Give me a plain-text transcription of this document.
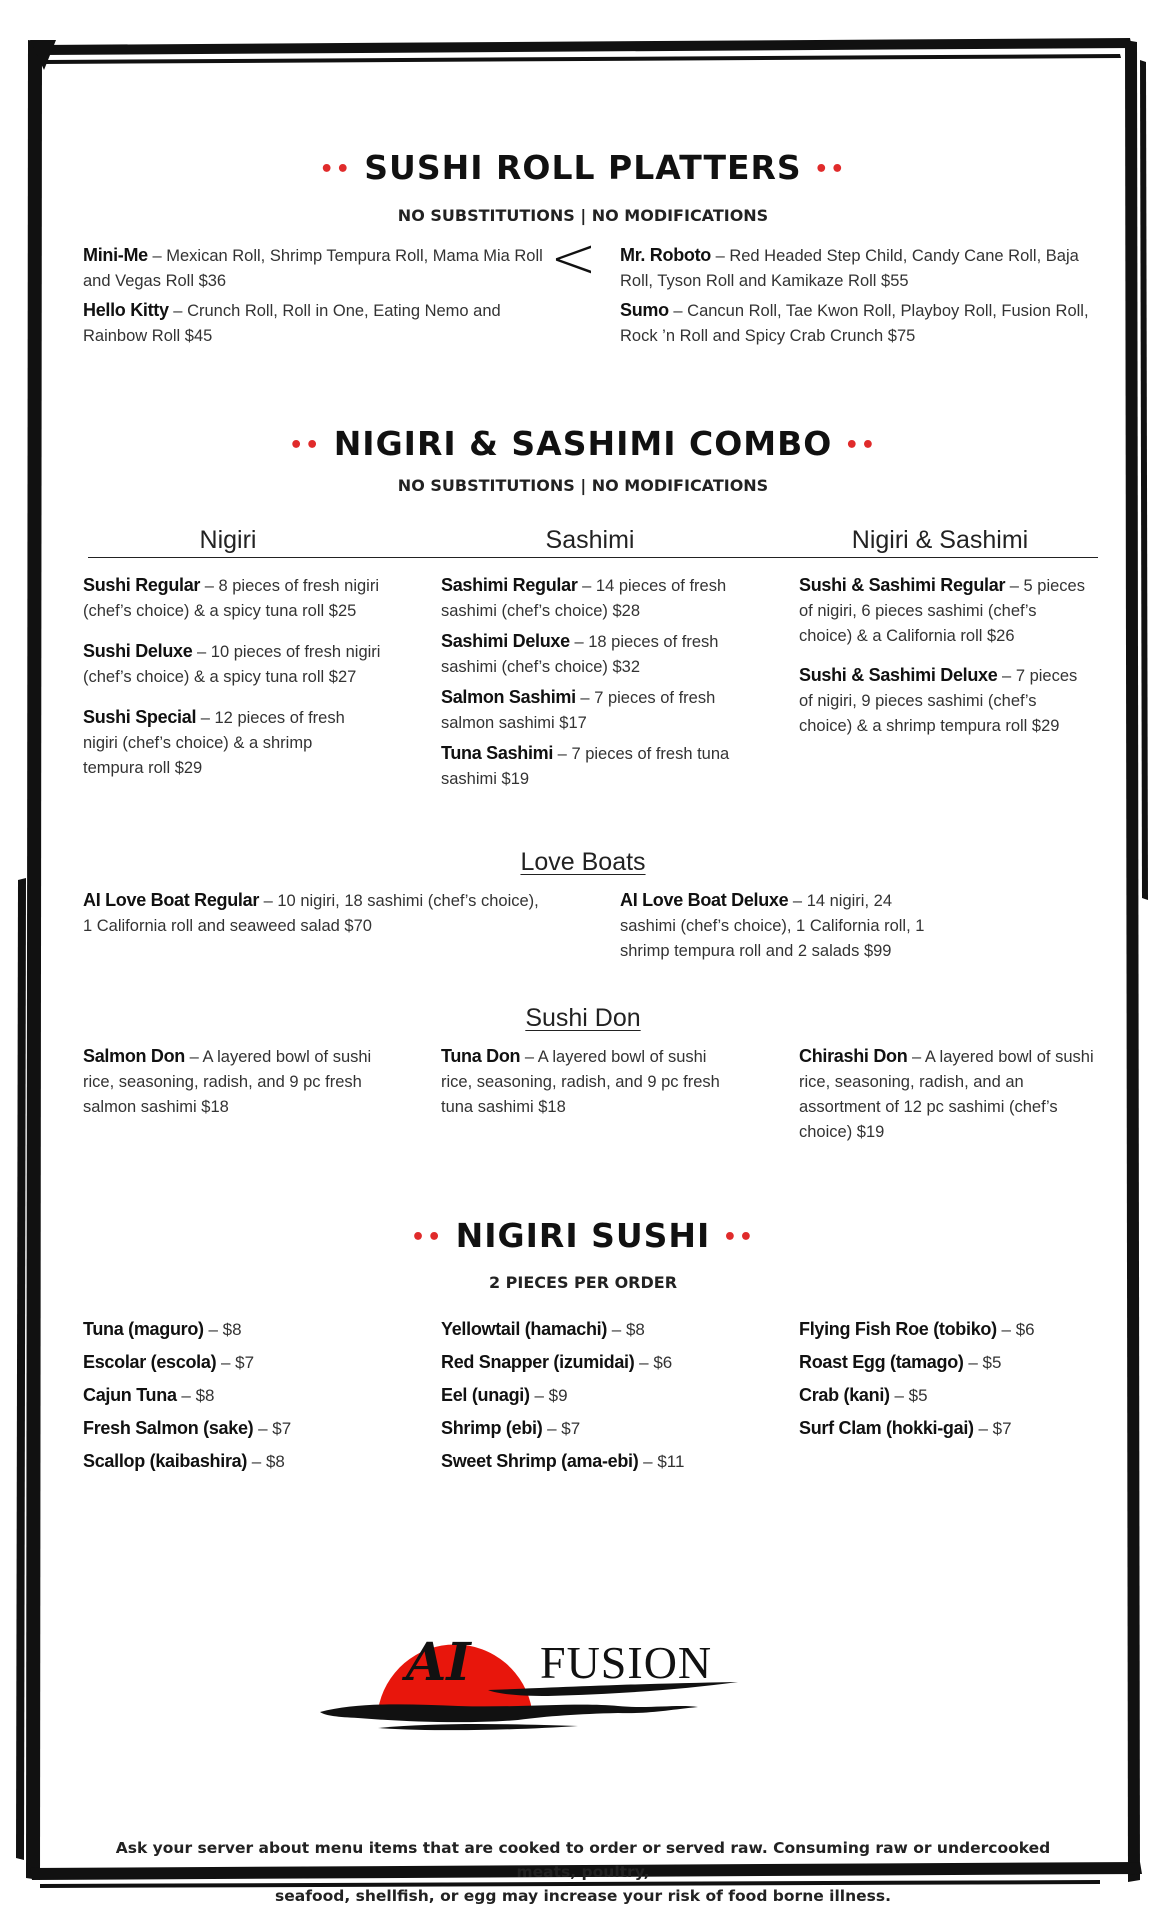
•• SUSHI ROLL PLATTERS ••
NO SUBSTITUTIONS | NO MODIFICATIONS
Mini-Me – Mexican Roll, Shrimp Tempura Roll, Mama Mia Roll and Vegas Roll $36
Hello Kitty – Crunch Roll, Roll in One, Eating Nemo and Rainbow Roll $45
< Mr. Roboto – Red Headed Step Child, Candy Cane Roll, Baja Roll, Tyson Roll and Kamikaze Roll $55
Sumo – Cancun Roll, Tae Kwon Roll, Playboy Roll, Fusion Roll, Rock ’n Roll and Spicy Crab Crunch $75
•• NIGIRI & SASHIMI COMBO ••
NO SUBSTITUTIONS | NO MODIFICATIONS
Nigiri	Sashimi	Nigiri & Sashimi
Sushi Regular – 8 pieces of fresh nigiri (chef’s choice) & a spicy tuna roll $25
Sushi Deluxe – 10 pieces of fresh nigiri (chef’s choice) & a spicy tuna roll $27
Sushi Special – 12 pieces of fresh nigiri (chef’s choice) & a shrimp tempura roll $29
Sashimi Regular – 14 pieces of fresh sashimi (chef’s choice) $28
Sashimi Deluxe – 18 pieces of fresh sashimi (chef’s choice) $32
Salmon Sashimi – 7 pieces of fresh salmon sashimi $17
Tuna Sashimi – 7 pieces of fresh tuna sashimi $19
Sushi & Sashimi Regular – 5 pieces of nigiri, 6 pieces sashimi (chef’s choice) & a California roll $26
Sushi & Sashimi Deluxe – 7 pieces of nigiri, 9 pieces sashimi (chef’s choice) & a shrimp tempura roll $29
Love Boats
AI Love Boat Regular – 10 nigiri, 18 sashimi (chef’s choice), 1 California roll and seaweed salad $70
AI Love Boat Deluxe – 14 nigiri, 24 sashimi (chef’s choice), 1 California roll, 1 shrimp tempura roll and 2 salads $99
Sushi Don
Salmon Don – A layered bowl of sushi rice, seasoning, radish, and 9 pc fresh salmon sashimi $18
Tuna Don – A layered bowl of sushi rice, seasoning, radish, and 9 pc fresh tuna sashimi $18
Chirashi Don – A layered bowl of sushi rice, seasoning, radish, and an assortment of 12 pc sashimi (chef’s choice) $19
•• NIGIRI SUSHI ••
2 PIECES PER ORDER
Tuna (maguro) – $8
Escolar (escola) – $7
Cajun Tuna – $8
Fresh Salmon (sake) – $7
Scallop (kaibashira) – $8
Yellowtail (hamachi) – $8
Red Snapper (izumidai) – $6
Eel (unagi) – $9
Shrimp (ebi) – $7
Sweet Shrimp (ama-ebi) – $11
Flying Fish Roe (tobiko) – $6
Roast Egg (tamago) – $5
Crab (kani) – $5
Surf Clam (hokki-gai) – $7
AI FUSION
Ask your server about menu items that are cooked to order or served raw. Consuming raw or undercooked meats, poultry,
seafood, shellfish, or egg may increase your risk of food borne illness.
